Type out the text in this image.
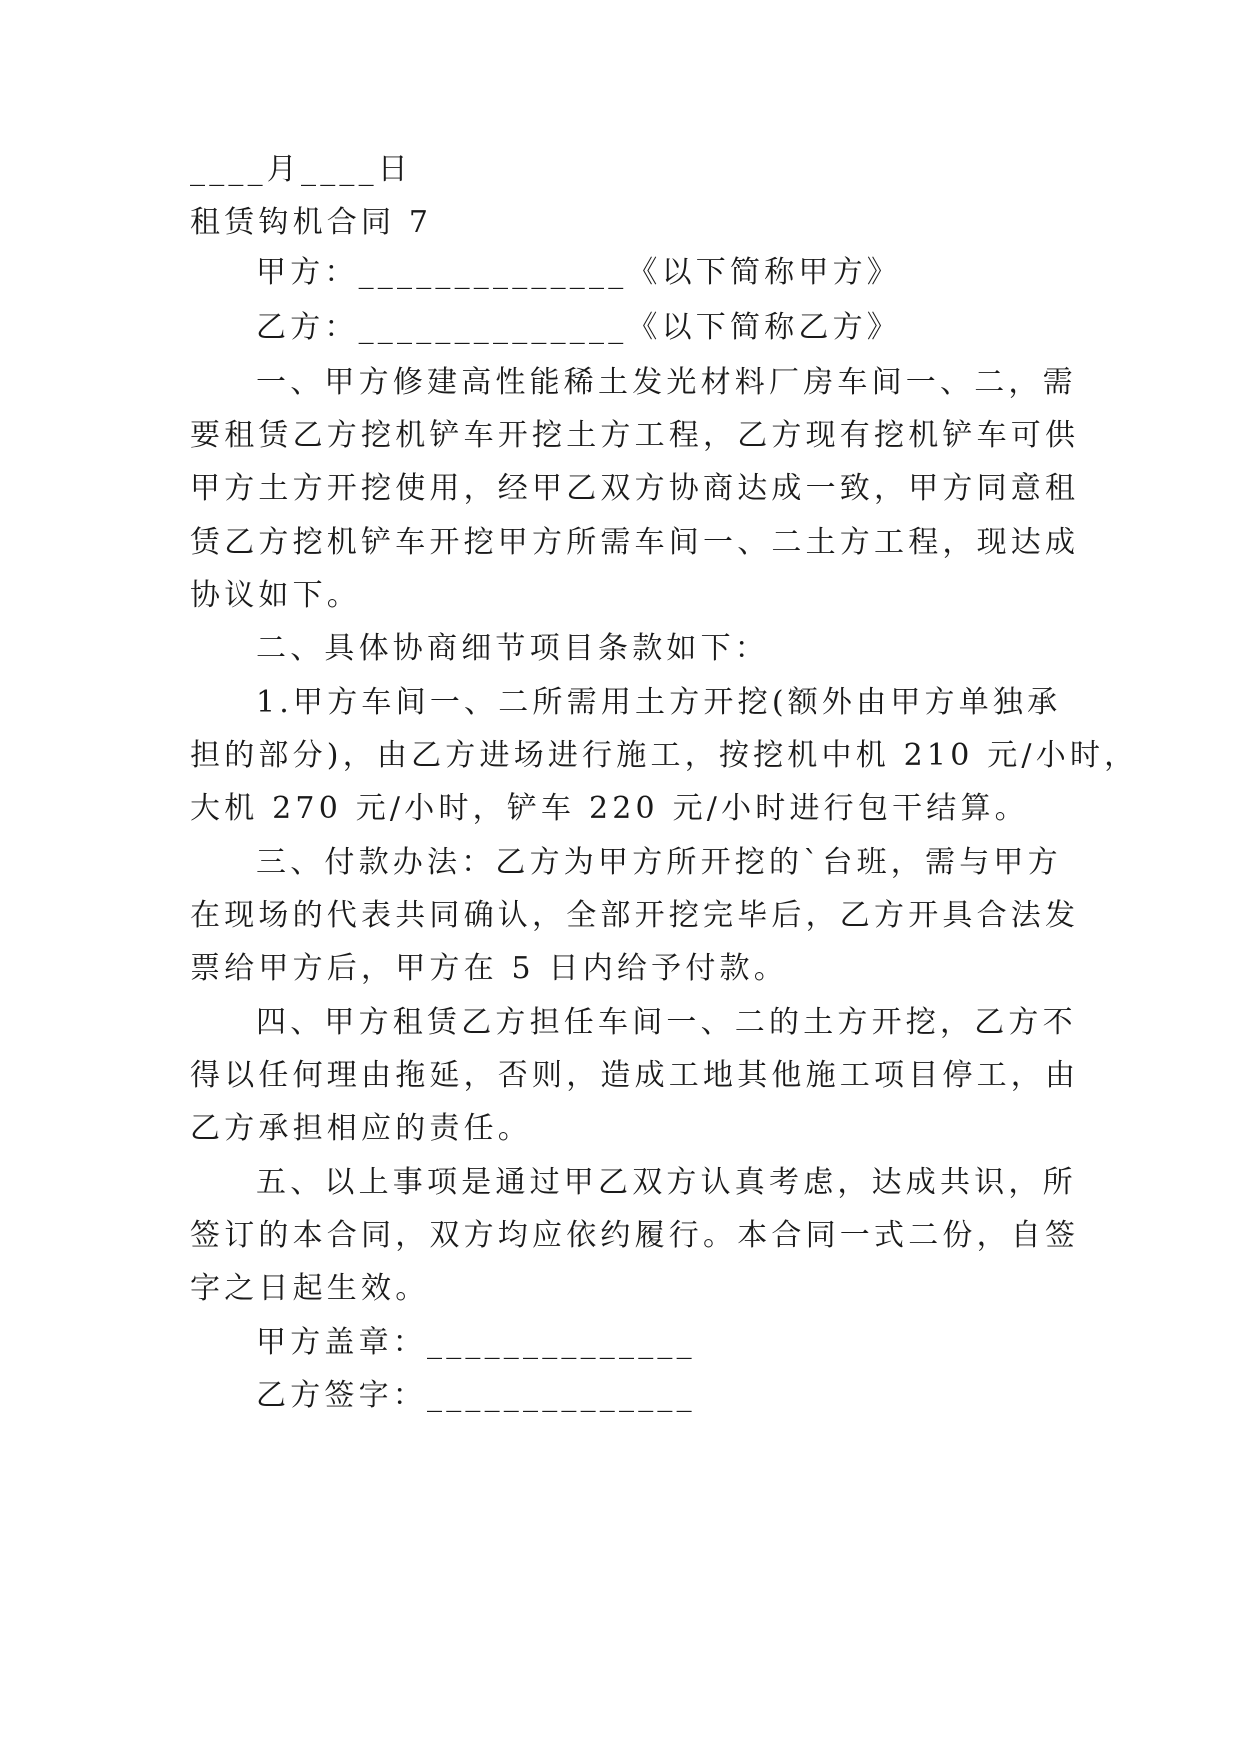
____月____日
租赁钩机合同 7
甲方：______________《以下简称甲方》
乙方：______________《以下简称乙方》
一、甲方修建高性能稀土发光材料厂房车间一、二，需
要租赁乙方挖机铲车开挖土方工程，乙方现有挖机铲车可供
甲方土方开挖使用，经甲乙双方协商达成一致，甲方同意租
赁乙方挖机铲车开挖甲方所需车间一、二土方工程，现达成
协议如下。
二、具体协商细节项目条款如下：
1.甲方车间一、二所需用土方开挖(额外由甲方单独承
担的部分)，由乙方进场进行施工，按挖机中机 210 元/小时，
大机 270 元/小时，铲车 220 元/小时进行包干结算。
三、付款办法：乙方为甲方所开挖的`台班，需与甲方
在现场的代表共同确认，全部开挖完毕后，乙方开具合法发
票给甲方后，甲方在 5 日内给予付款。
四、甲方租赁乙方担任车间一、二的土方开挖，乙方不
得以任何理由拖延，否则，造成工地其他施工项目停工，由
乙方承担相应的责任。
五、以上事项是通过甲乙双方认真考虑，达成共识，所
签订的本合同，双方均应依约履行。本合同一式二份，自签
字之日起生效。
甲方盖章：______________
乙方签字：______________
